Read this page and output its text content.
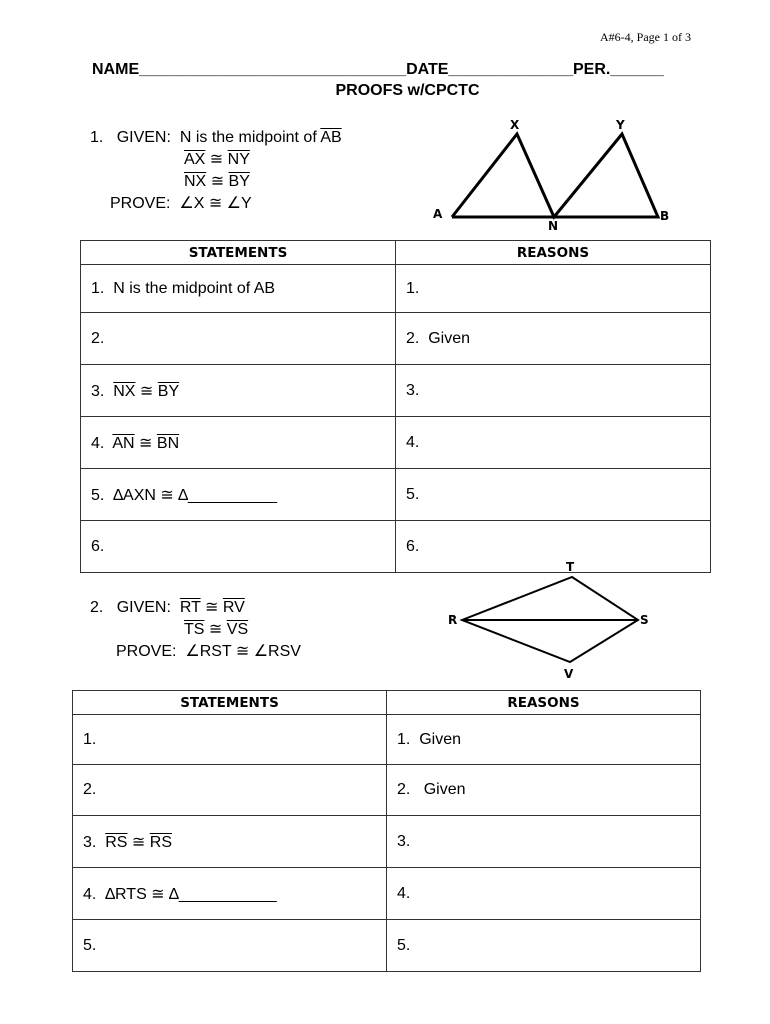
A#6-4, Page 1 of 3
NAME______________________________DATE______________PER.______
PROOFS w/CPCTC
1. GIVEN: N is the midpoint of $\overline{AB}$
$\overline{AX}$ ≅ $\overline{NY}$
$\overline{NX}$ ≅ $\overline{BY}$
PROVE: ∠X ≅ ∠Y
X	Y
A
N
B
STATEMENTS	REASONS
1. N is the midpoint of AB	1.
2.	2. Given
3. $\overline{NX}$ ≅ $\overline{BY}$	3.
4. $\overline{AN}$ ≅ $\overline{BN}$	4.
5. ∆AXN ≅ ∆__________	5.
6.	6.
2. GIVEN: $\overline{RT}$ ≅ $\overline{RV}$
$\overline{TS}$ ≅ $\overline{VS}$
PROVE: ∠RST ≅ ∠RSV
T
R	S
V
STATEMENTS	REASONS
1.	1. Given
2.	2. Given
3. $\overline{RS}$ ≅ $\overline{RS}$	3.
4. ∆RTS ≅ ∆___________	4.
5.	5.
